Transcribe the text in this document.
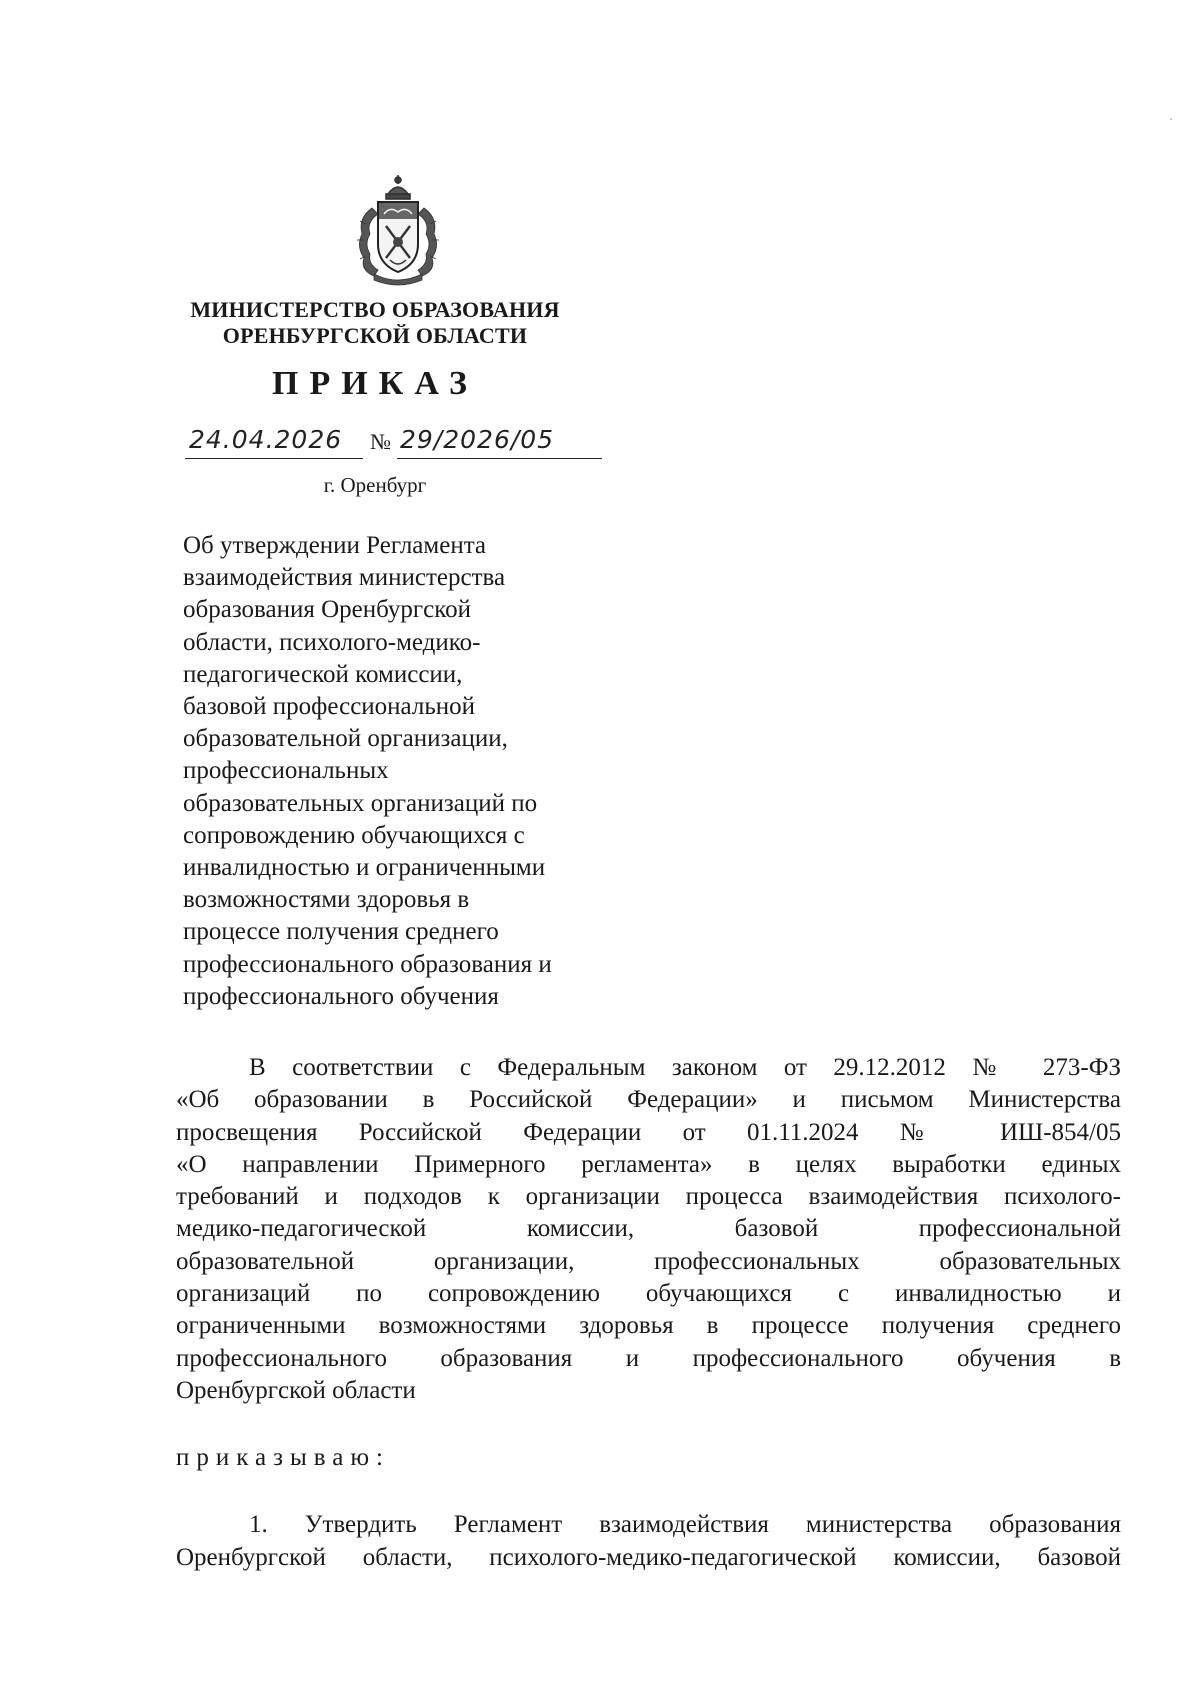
МИНИСТЕРСТВО ОБРАЗОВАНИЯ
ОРЕНБУРГСКОЙ ОБЛАСТИ
ПРИКАЗ
24.04.2026 № 29/2026/05
г. Оренбург
Об утверждении Регламента
взаимодействия министерства
образования Оренбургской
области, психолого-медико-
педагогической комиссии,
базовой профессиональной
образовательной организации,
профессиональных
образовательных организаций по
сопровождению обучающихся с
инвалидностью и ограниченными
возможностями здоровья в
процессе получения среднего
профессионального образования и
профессионального обучения
В соответствии с Федеральным законом от 29.12.2012 № 273-ФЗ
«Об образовании в Российской Федерации» и письмом Министерства
просвещения Российской Федерации от 01.11.2024 № ИШ-854/05
«О направлении Примерного регламента» в целях выработки единых
требований и подходов к организации процесса взаимодействия психолого-
медико-педагогической комиссии, базовой профессиональной
образовательной организации, профессиональных образовательных
организаций по сопровождению обучающихся с инвалидностью и
ограниченными возможностями здоровья в процессе получения среднего
профессионального образования и профессионального обучения в
Оренбургской области
приказываю:
1. Утвердить Регламент взаимодействия министерства образования
Оренбургской области, психолого-медико-педагогической комиссии, базовой
